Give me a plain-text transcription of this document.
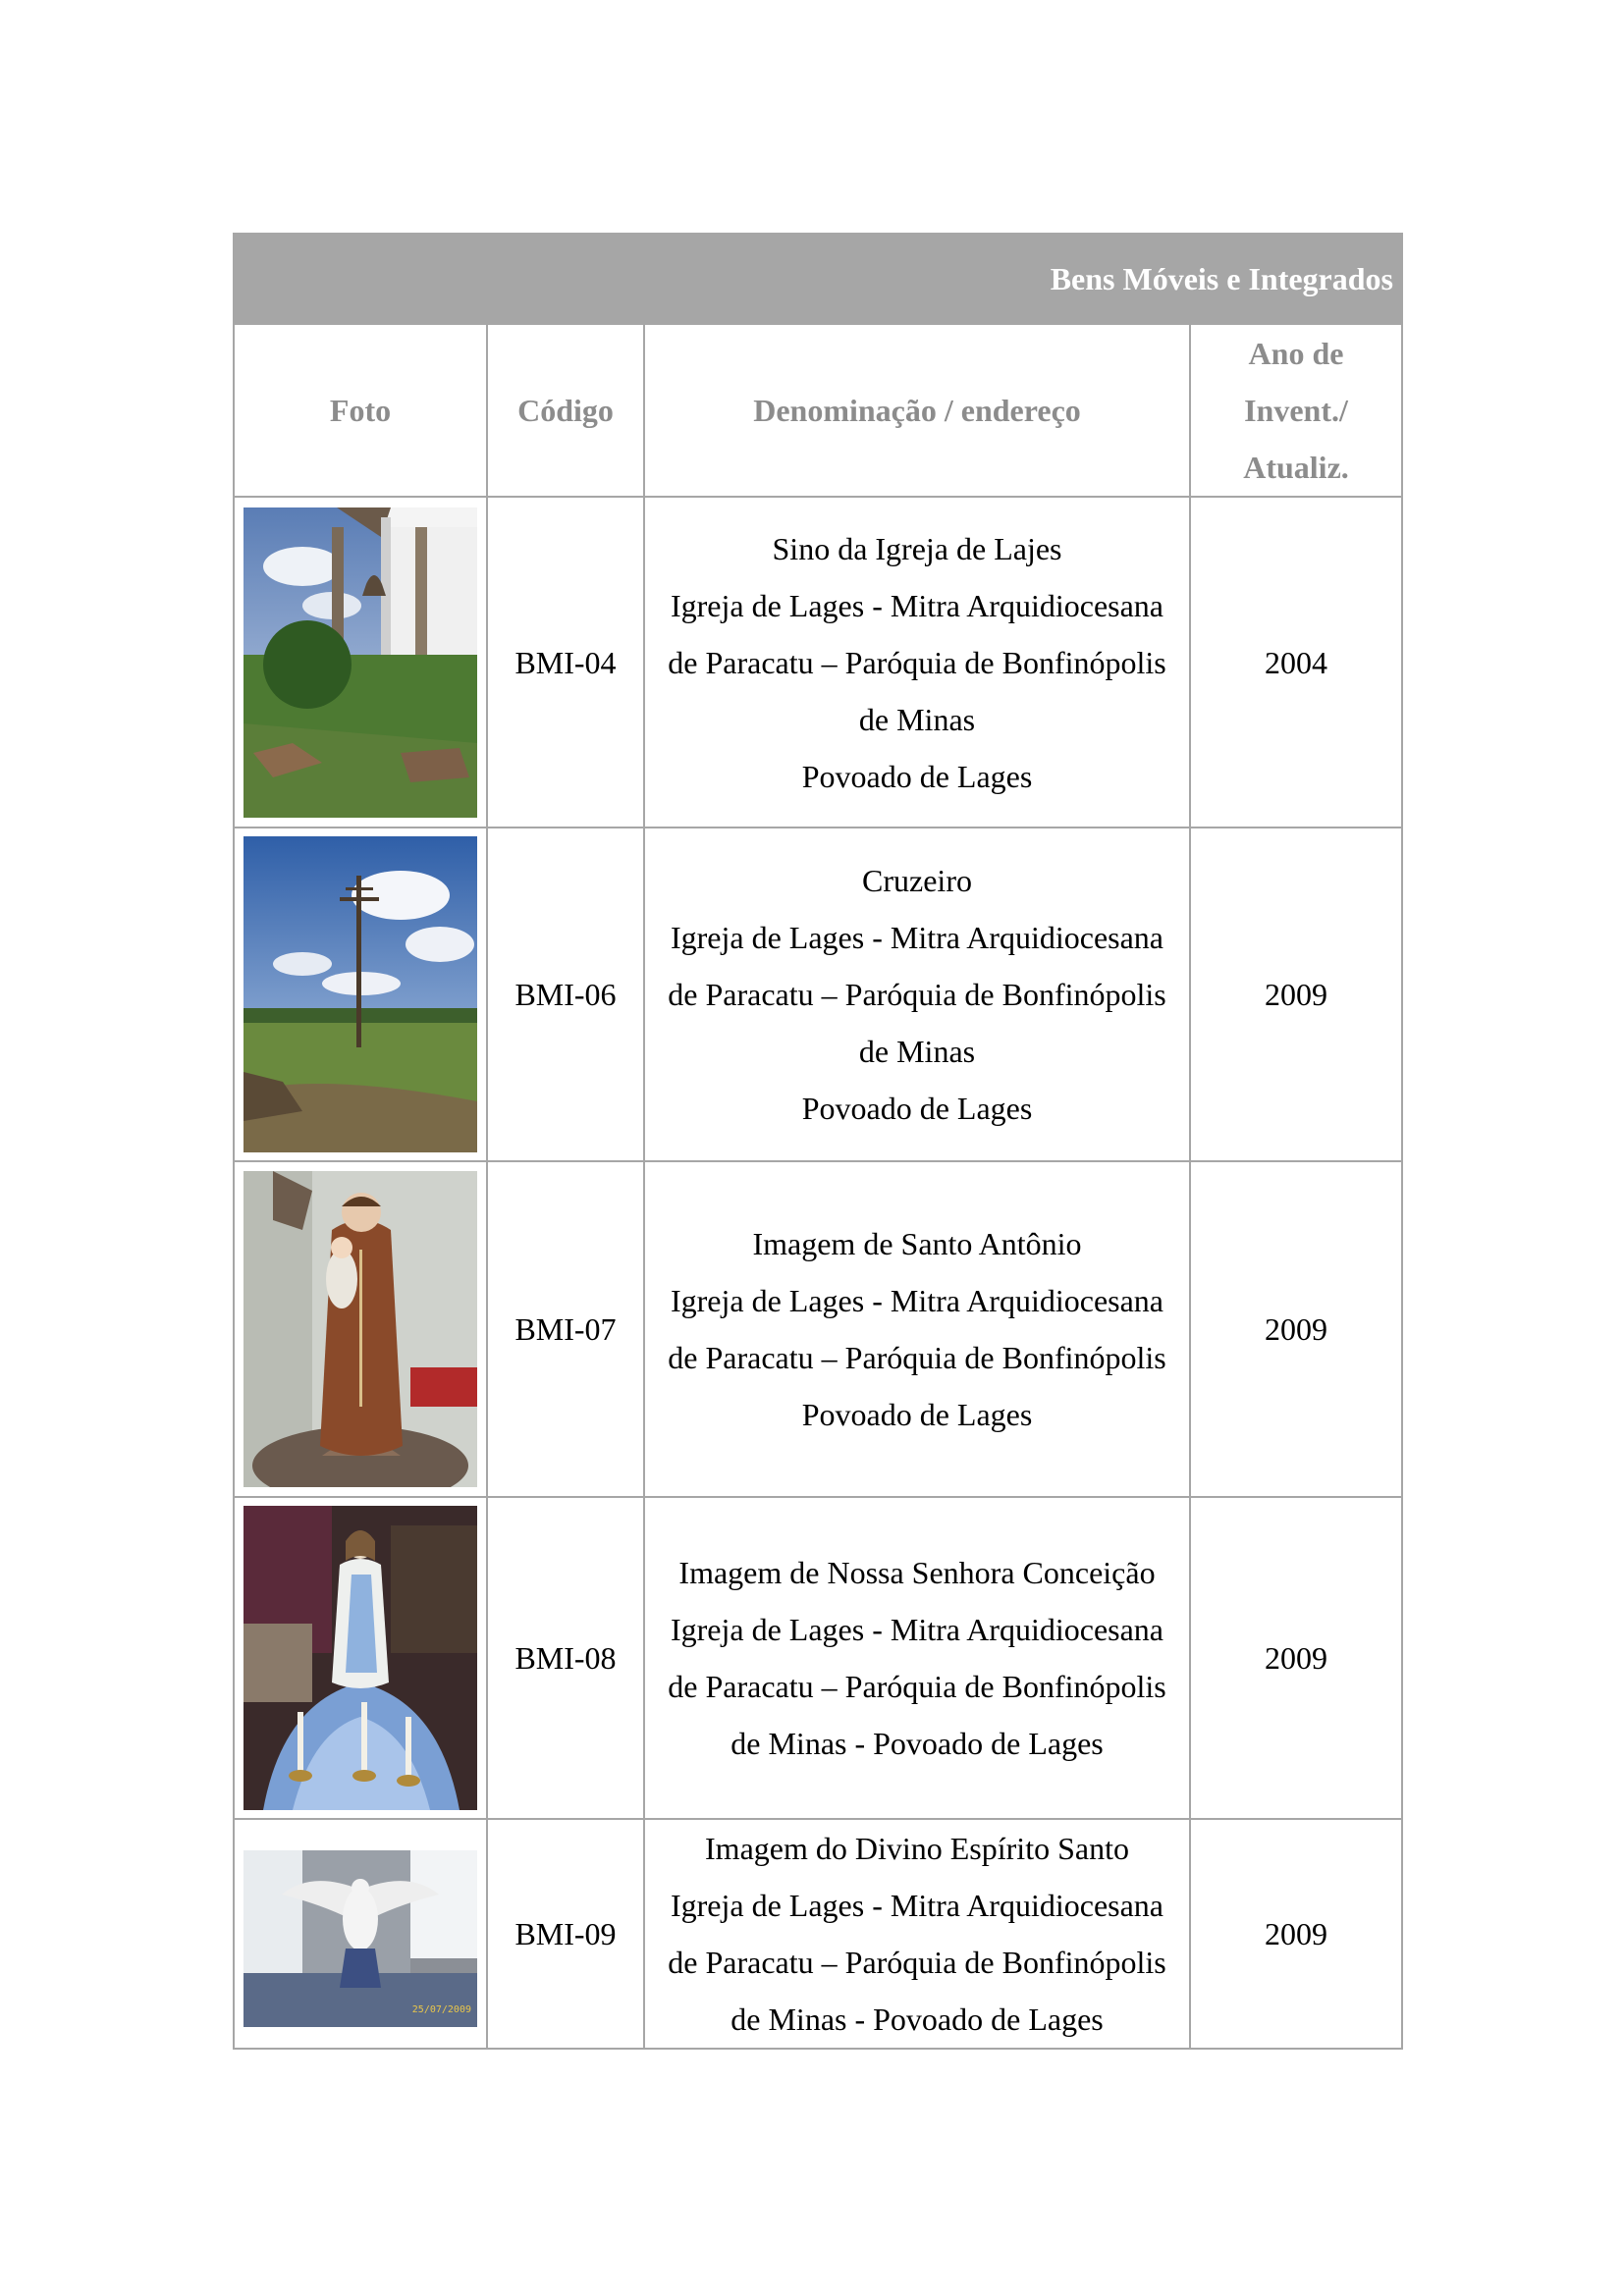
Bens Móveis e Integrados			
Foto	Código	Denominação / endereço	Ano de
Invent./
Atualiz.

	BMI-04	Sino da Igreja de Lajes
Igreja de Lages - Mitra Arquidiocesana
de Paracatu – Paróquia de Bonfinópolis
de Minas
Povoado de Lages	2004

	BMI-06	Cruzeiro
Igreja de Lages - Mitra Arquidiocesana
de Paracatu – Paróquia de Bonfinópolis
de Minas
Povoado de Lages	2009

	BMI-07	Imagem de Santo Antônio
Igreja de Lages - Mitra Arquidiocesana
de Paracatu – Paróquia de Bonfinópolis
Povoado de Lages	2009

	BMI-08	Imagem de Nossa Senhora Conceição
Igreja de Lages - Mitra Arquidiocesana
de Paracatu – Paróquia de Bonfinópolis
de Minas - Povoado de Lages	2009

25/07/2009	BMI-09	Imagem do Divino Espírito Santo
Igreja de Lages - Mitra Arquidiocesana
de Paracatu – Paróquia de Bonfinópolis
de Minas - Povoado de Lages	2009
